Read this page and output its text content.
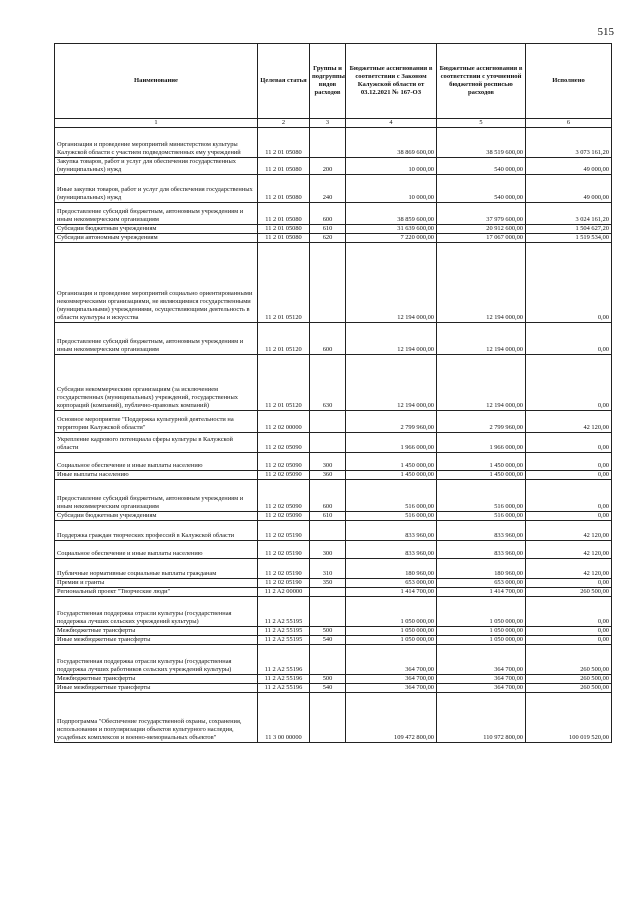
515
Наименование	Целевая статья	Группы и подгруппы видов расходов	Бюджетные ассигнования в соответствии с Законом Калужской области от 03.12.2021 № 167-ОЗ	Бюджетные ассигнования в соответствии с уточненной бюджетной росписью расходов	Исполнено
1	2	3	4	5	6
Организация и проведение мероприятий министерством культуры Калужской области с участием подведомственных ему учреждений	11 2 01 05080		38 869 600,00	38 519 600,00	3 073 161,20
Закупка товаров, работ и услуг для обеспечения государственных (муниципальных) нужд	11 2 01 05080	200	10 000,00	540 000,00	49 000,00
Иные закупки товаров, работ и услуг для обеспечения государственных (муниципальных) нужд	11 2 01 05080	240	10 000,00	540 000,00	49 000,00
Предоставление субсидий бюджетным, автономным учреждениям и иным некоммерческим организациям	11 2 01 05080	600	38 859 600,00	37 979 600,00	3 024 161,20
Субсидии бюджетным учреждениям	11 2 01 05080	610	31 639 600,00	20 912 600,00	1 504 627,20
Субсидии автономным учреждениям	11 2 01 05080	620	7 220 000,00	17 067 000,00	1 519 534,00
Организация и проведение мероприятий социально ориентированными некоммерческими организациями, не являющимися государственными (муниципальными) учреждениями, осуществляющими деятельность в области культуры и искусства	11 2 01 05120		12 194 000,00	12 194 000,00	0,00
Предоставление субсидий бюджетным, автономным учреждениям и иным некоммерческим организациям	11 2 01 05120	600	12 194 000,00	12 194 000,00	0,00
Субсидии некоммерческим организациям (за исключением государственных (муниципальных) учреждений, государственных корпораций (компаний), публично-правовых компаний)	11 2 01 05120	630	12 194 000,00	12 194 000,00	0,00
Основное мероприятие "Поддержка культурной деятельности на территории Калужской области"	11 2 02 00000		2 799 960,00	2 799 960,00	42 120,00
Укрепление кадрового потенциала сферы культуры в Калужской области	11 2 02 05090		1 966 000,00	1 966 000,00	0,00
Социальное обеспечение и иные выплаты населению	11 2 02 05090	300	1 450 000,00	1 450 000,00	0,00
Иные выплаты населению	11 2 02 05090	360	1 450 000,00	1 450 000,00	0,00
Предоставление субсидий бюджетным, автономным учреждениям и иным некоммерческим организациям	11 2 02 05090	600	516 000,00	516 000,00	0,00
Субсидии бюджетным учреждениям	11 2 02 05090	610	516 000,00	516 000,00	0,00
Поддержка граждан творческих профессий в Калужской области	11 2 02 05190		833 960,00	833 960,00	42 120,00
Социальное обеспечение и иные выплаты населению	11 2 02 05190	300	833 960,00	833 960,00	42 120,00
Публичные нормативные социальные выплаты гражданам	11 2 02 05190	310	180 960,00	180 960,00	42 120,00
Премии и гранты	11 2 02 05190	350	653 000,00	653 000,00	0,00
Региональный проект "Творческие люди"	11 2 A2 00000		1 414 700,00	1 414 700,00	260 500,00
Государственная поддержка отрасли культуры (государственная поддержка лучших сельских учреждений культуры)	11 2 A2 55195		1 050 000,00	1 050 000,00	0,00
Межбюджетные трансферты	11 2 A2 55195	500	1 050 000,00	1 050 000,00	0,00
Иные межбюджетные трансферты	11 2 A2 55195	540	1 050 000,00	1 050 000,00	0,00
Государственная поддержка отрасли культуры (государственная поддержка лучших работников сельских учреждений культуры)	11 2 A2 55196		364 700,00	364 700,00	260 500,00
Межбюджетные трансферты	11 2 A2 55196	500	364 700,00	364 700,00	260 500,00
Иные межбюджетные трансферты	11 2 A2 55196	540	364 700,00	364 700,00	260 500,00
Подпрограмма "Обеспечение государственной охраны, сохранения, использования и популяризации объектов культурного наследия, усадебных комплексов и военно-мемориальных объектов"	11 3 00 00000		109 472 800,00	110 972 800,00	100 019 520,00
